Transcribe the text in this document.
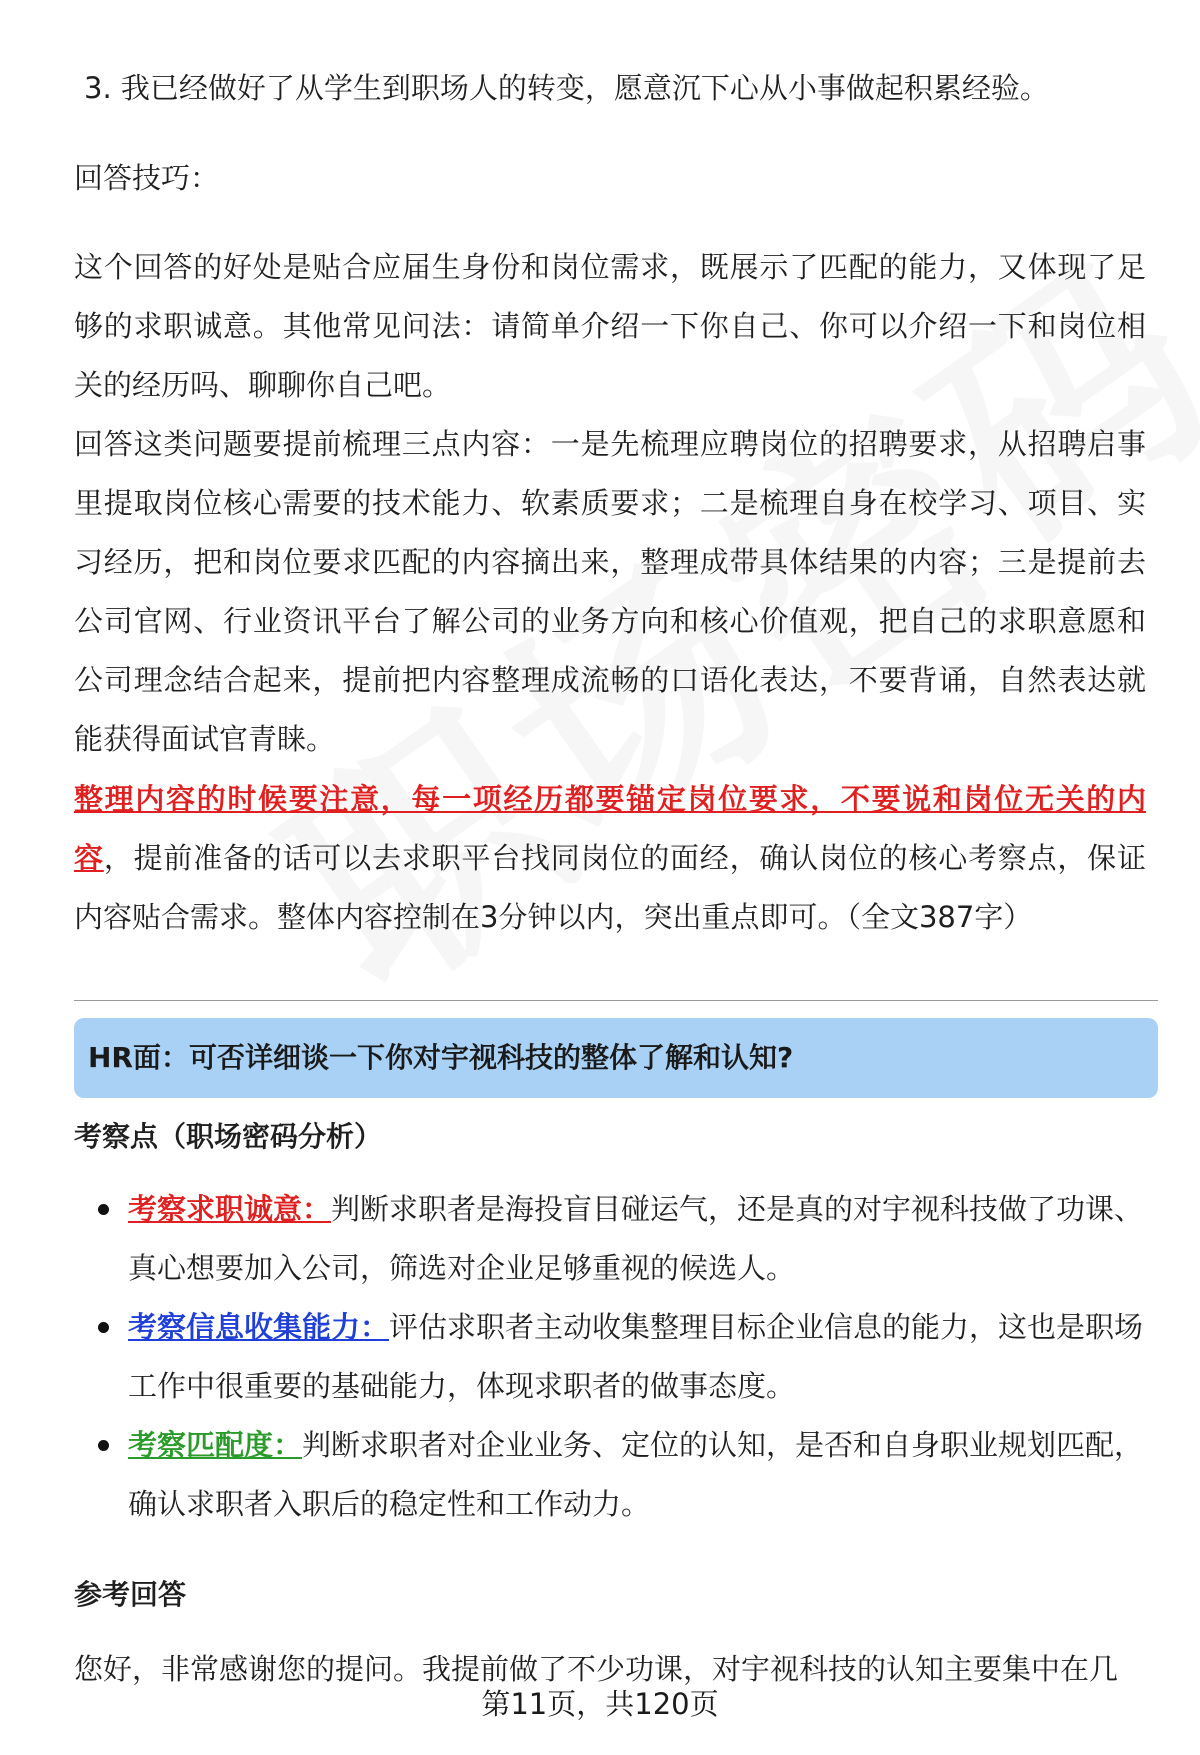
3. 我已经做好了从学生到职场人的转变，愿意沉下心从小事做起积累经验。

回答技巧：

这个回答的好处是贴合应届生身份和岗位需求，既展示了匹配的能力，又体现了足够的求职诚意。其他常见问法：请简单介绍一下你自己、你可以介绍一下和岗位相关的经历吗、聊聊你自己吧。

回答这类问题要提前梳理三点内容：一是先梳理应聘岗位的招聘要求，从招聘启事里提取岗位核心需要的技术能力、软素质要求；二是梳理自身在校学习、项目、实习经历，把和岗位要求匹配的内容摘出来，整理成带具体结果的内容；三是提前去公司官网、行业资讯平台了解公司的业务方向和核心价值观，把自己的求职意愿和公司理念结合起来，提前把内容整理成流畅的口语化表达，不要背诵，自然表达就能获得面试官青睐。

整理内容的时候要注意，每一项经历都要锚定岗位要求，不要说和岗位无关的内容，提前准备的话可以去求职平台找同岗位的面经，确认岗位的核心考察点，保证内容贴合需求。整体内容控制在3分钟以内，突出重点即可。（全文387字）

HR面：可否详细谈一下你对宇视科技的整体了解和认知?
考察点（职场密码分析）
考察求职诚意：判断求职者是海投盲目碰运气，还是真的对宇视科技做了功课、真心想要加入公司，筛选对企业足够重视的候选人。
考察信息收集能力：评估求职者主动收集整理目标企业信息的能力，这也是职场工作中很重要的基础能力，体现求职者的做事态度。
考察匹配度：判断求职者对企业业务、定位的认知，是否和自身职业规划匹配，确认求职者入职后的稳定性和工作动力。
参考回答

您好，非常感谢您的提问。我提前做了不少功课，对宇视科技的认知主要集中在几

第11页，共120页
